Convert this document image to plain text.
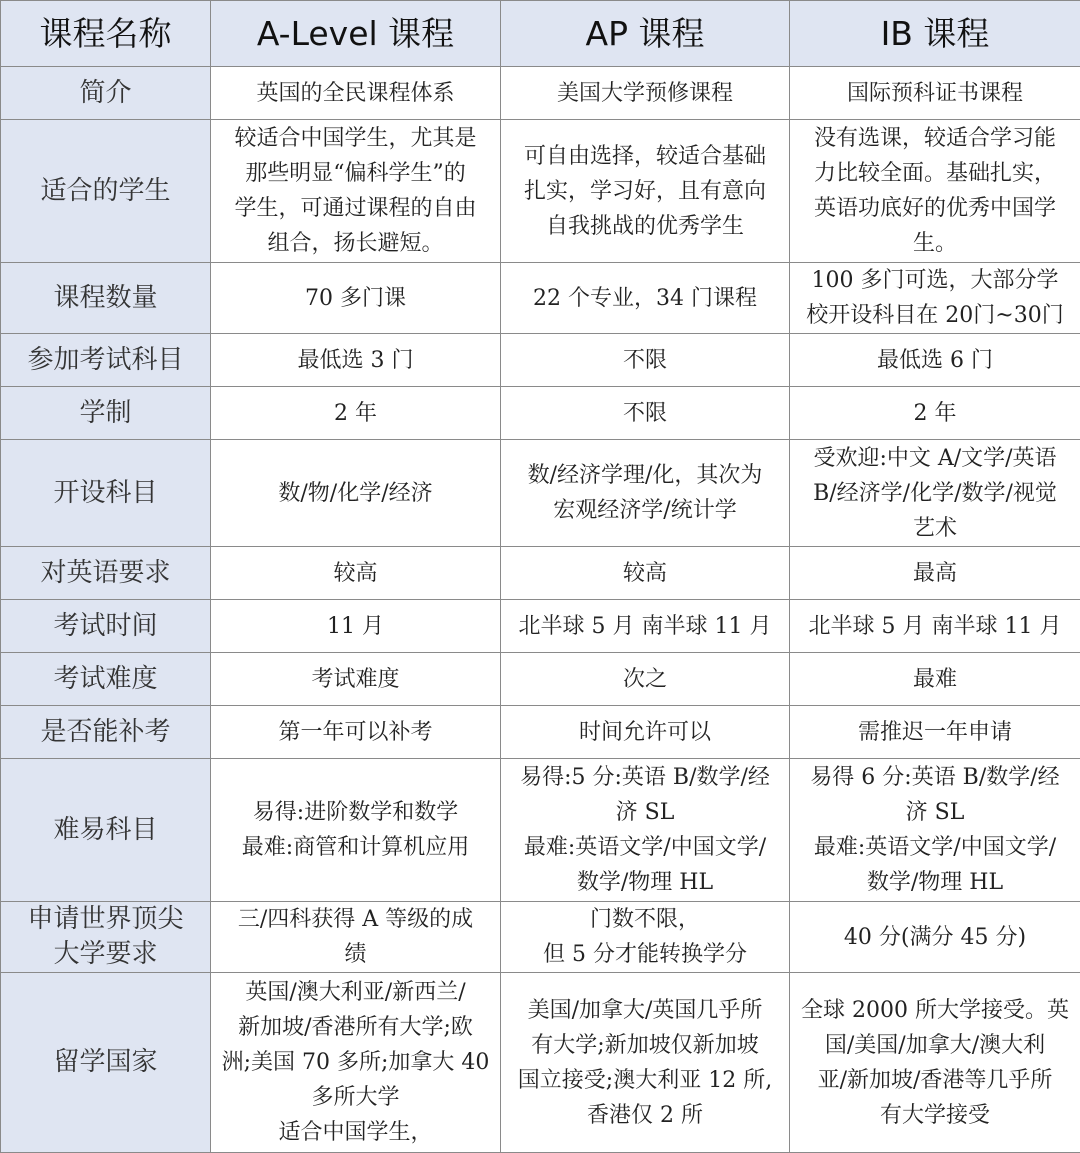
课程名称	A-Level 课程	AP 课程	IB 课程

简介	英国的全民课程体系	美国大学预修课程	国际预科证书课程

适合的学生	较适合中国学生，尤其是
那些明显“偏科学生”的
学生，可通过课程的自由
组合，扬长避短。	可自由选择，较适合基础
扎实，学习好，且有意向
自我挑战的优秀学生	没有选课，较适合学习能
力比较全面。基础扎实，
英语功底好的优秀中国学
生。

课程数量	70 多门课	22 个专业，34 门课程	100 多门可选，大部分学
校开设科目在 20门~30门

参加考试科目	最低选 3 门	不限	最低选 6 门

学制	2 年	不限	2 年

开设科目	数/物/化学/经济	数/经济学理/化，其次为
宏观经济学/统计学	受欢迎:中文 A/文学/英语
B/经济学/化学/数学/视觉
艺术

对英语要求	较高	较高	最高

考试时间	11 月	北半球 5 月 南半球 11 月	北半球 5 月 南半球 11 月

考试难度	考试难度	次之	最难

是否能补考	第一年可以补考	时间允许可以	需推迟一年申请

难易科目	易得:进阶数学和数学
最难:商管和计算机应用	易得:5 分:英语 B/数学/经
济 SL
最难:英语文学/中国文学/
数学/物理 HL	易得 6 分:英语 B/数学/经
济 SL
最难:英语文学/中国文学/
数学/物理 HL

申请世界顶尖
大学要求	三/四科获得 A 等级的成
绩	门数不限，
但 5 分才能转换学分	40 分(满分 45 分)

留学国家	英国/澳大利亚/新西兰/
新加坡/香港所有大学;欧
洲;美国 70 多所;加拿大 40
多所大学
适合中国学生，	美国/加拿大/英国几乎所
有大学;新加坡仅新加坡
国立接受;澳大利亚 12 所,
香港仅 2 所	全球 2000 所大学接受。英
国/美国/加拿大/澳大利
亚/新加坡/香港等几乎所
有大学接受
